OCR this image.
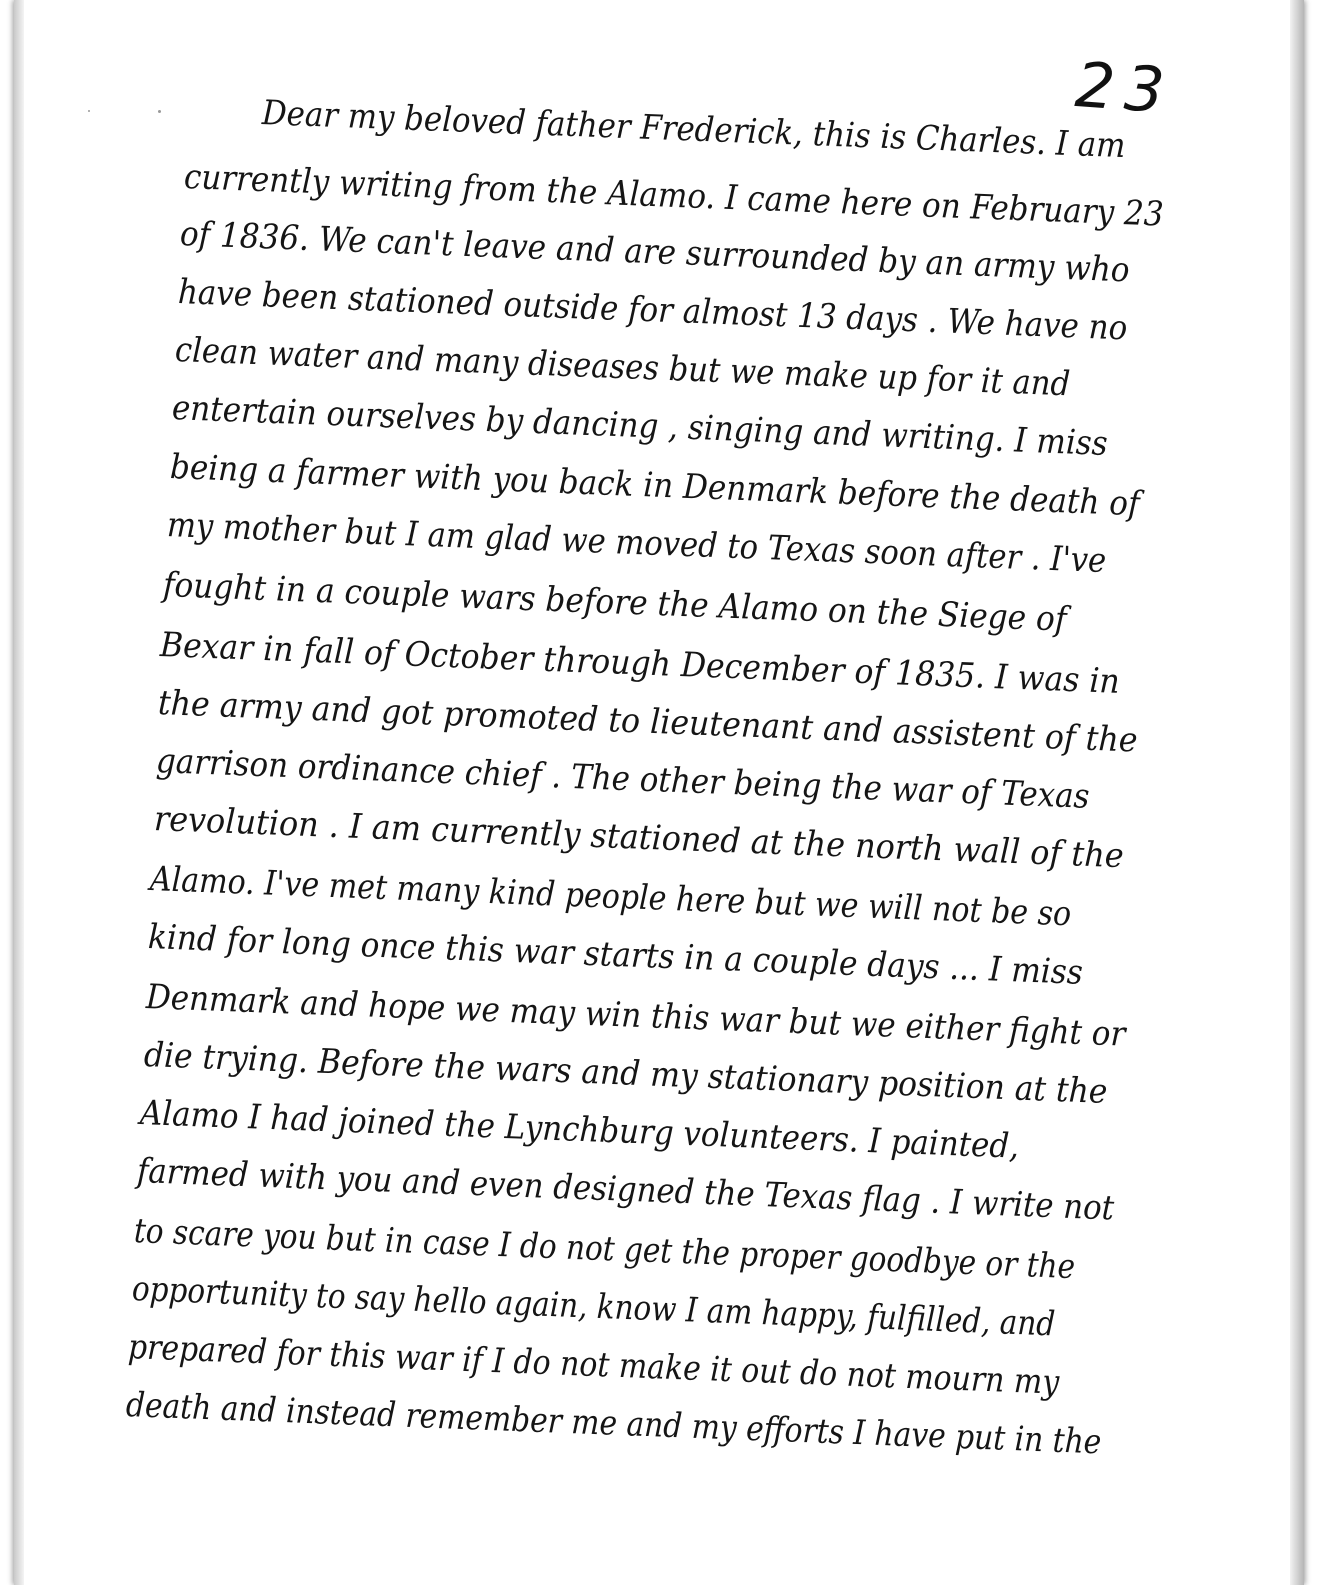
23
Dear my beloved father Frederick, this is Charles. I am
currently writing from the Alamo. I came here on February 23
of 1836. We can't leave and are surrounded by an army who
have been stationed outside for almost 13 days . We have no
clean water and many diseases but we make up for it and
entertain ourselves by dancing , singing and writing. I miss
being a farmer with you back in Denmark before the death of
my mother but I am glad we moved to Texas soon after . I've
fought in a couple wars before the Alamo on the Siege of
Bexar in fall of October through December of 1835. I was in
the army and got promoted to lieutenant and assistent of the
garrison ordinance chief . The other being the war of Texas
revolution . I am currently stationed at the north wall of the
Alamo. I've met many kind people here but we will not be so
kind for long once this war starts in a couple days ... I miss
Denmark and hope we may win this war but we either fight or
die trying. Before the wars and my stationary position at the
Alamo I had joined the Lynchburg volunteers. I painted,
farmed with you and even designed the Texas flag . I write not
to scare you but in case I do not get the proper goodbye or the
opportunity to say hello again, know I am happy, fulfilled, and
prepared for this war if I do not make it out do not mourn my
death and instead remember me and my efforts I have put in the
